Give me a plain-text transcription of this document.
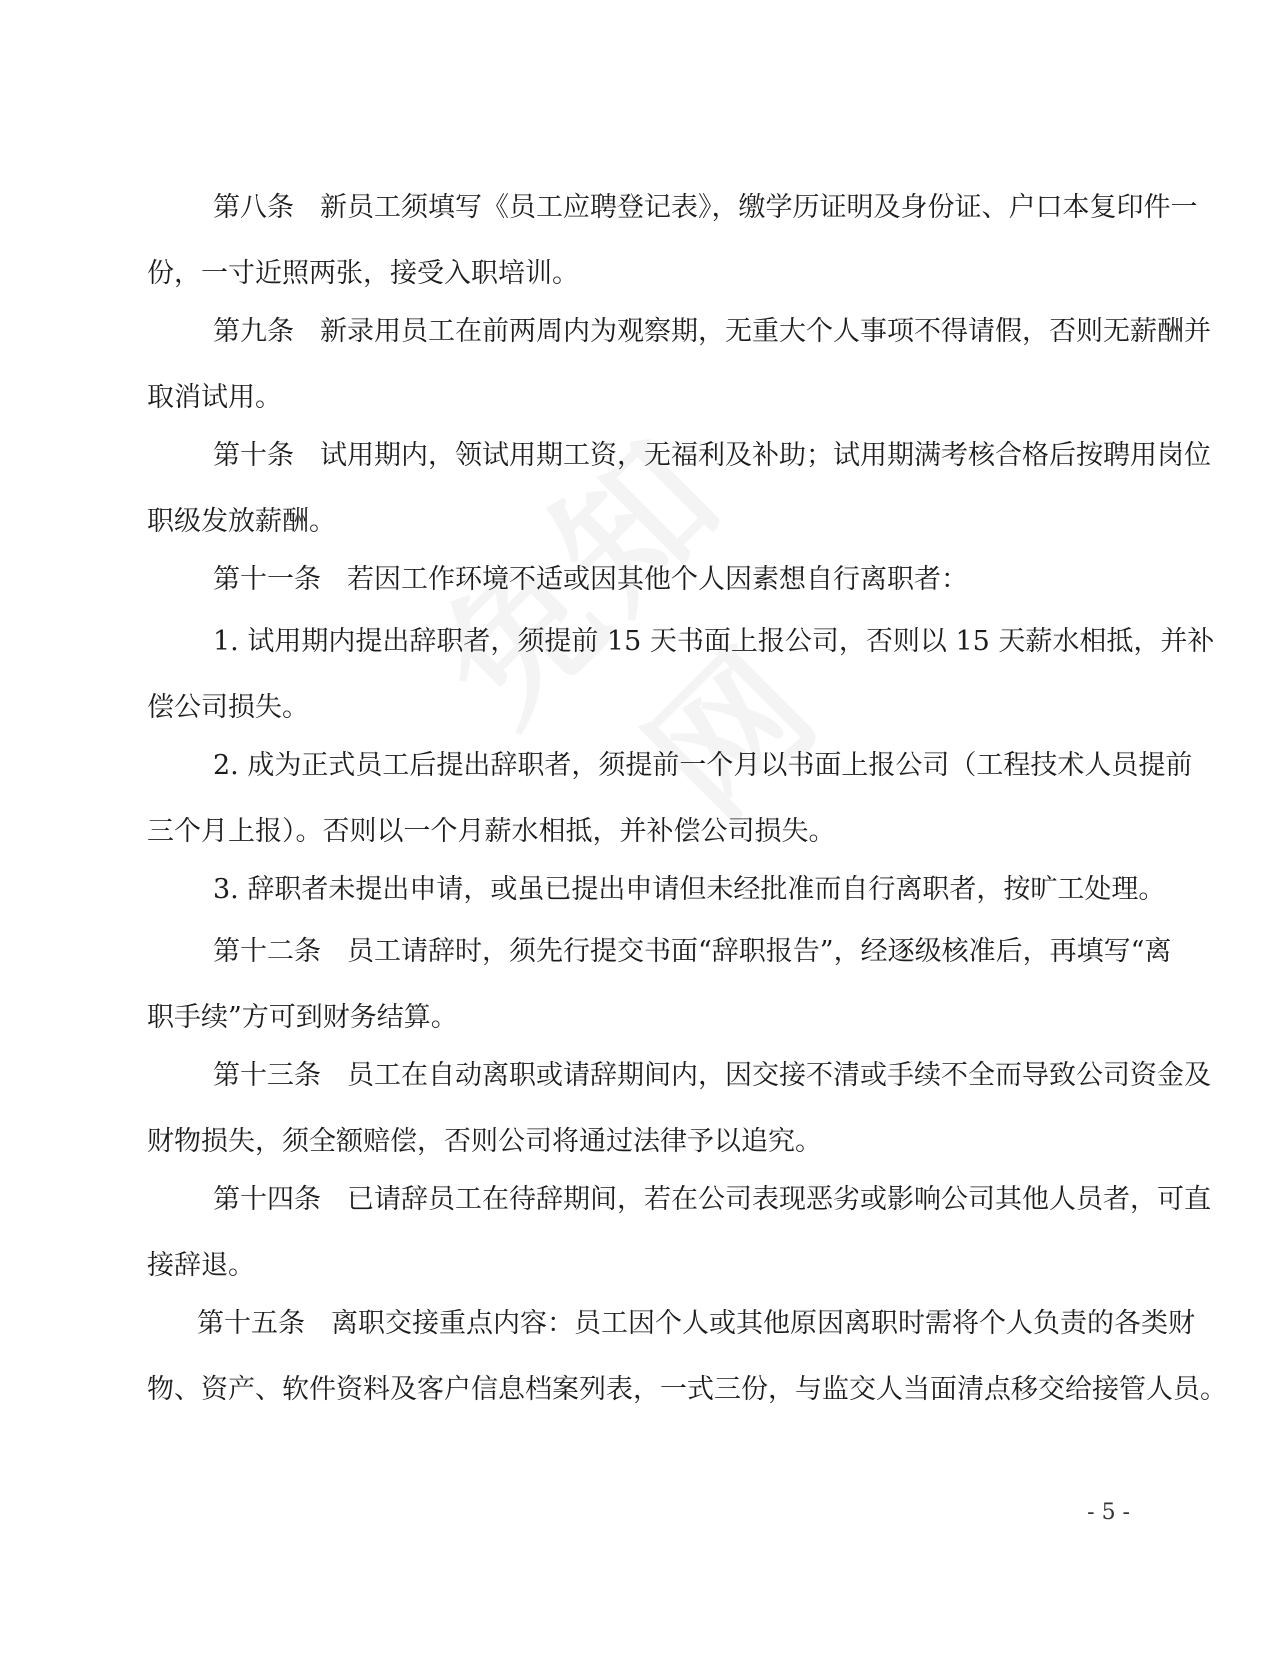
第八条 新员工须填写《员工应聘登记表》，缴学历证明及身份证、户口本复印件一
份，一寸近照两张，接受入职培训。

第九条 新录用员工在前两周内为观察期，无重大个人事项不得请假，否则无薪酬并
取消试用。

第十条 试用期内，领试用期工资，无福利及补助；试用期满考核合格后按聘用岗位
职级发放薪酬。

第十一条 若因工作环境不适或因其他个人因素想自行离职者：

1. 试用期内提出辞职者，须提前 15 天书面上报公司，否则以 15 天薪水相抵，并补
偿公司损失。

2. 成为正式员工后提出辞职者，须提前一个月以书面上报公司（工程技术人员提前
三个月上报）。否则以一个月薪水相抵，并补偿公司损失。

3. 辞职者未提出申请，或虽已提出申请但未经批准而自行离职者，按旷工处理。

第十二条 员工请辞时，须先行提交书面“辞职报告”，经逐级核准后，再填写“离
职手续”方可到财务结算。

第十三条 员工在自动离职或请辞期间内，因交接不清或手续不全而导致公司资金及
财物损失，须全额赔偿，否则公司将通过法律予以追究。

第十四条 已请辞员工在待辞期间，若在公司表现恶劣或影响公司其他人员者，可直
接辞退。

第十五条 离职交接重点内容：员工因个人或其他原因离职时需将个人负责的各类财
物、资产、软件资料及客户信息档案列表，一式三份，与监交人当面清点移交给接管人员。

- 5 -
